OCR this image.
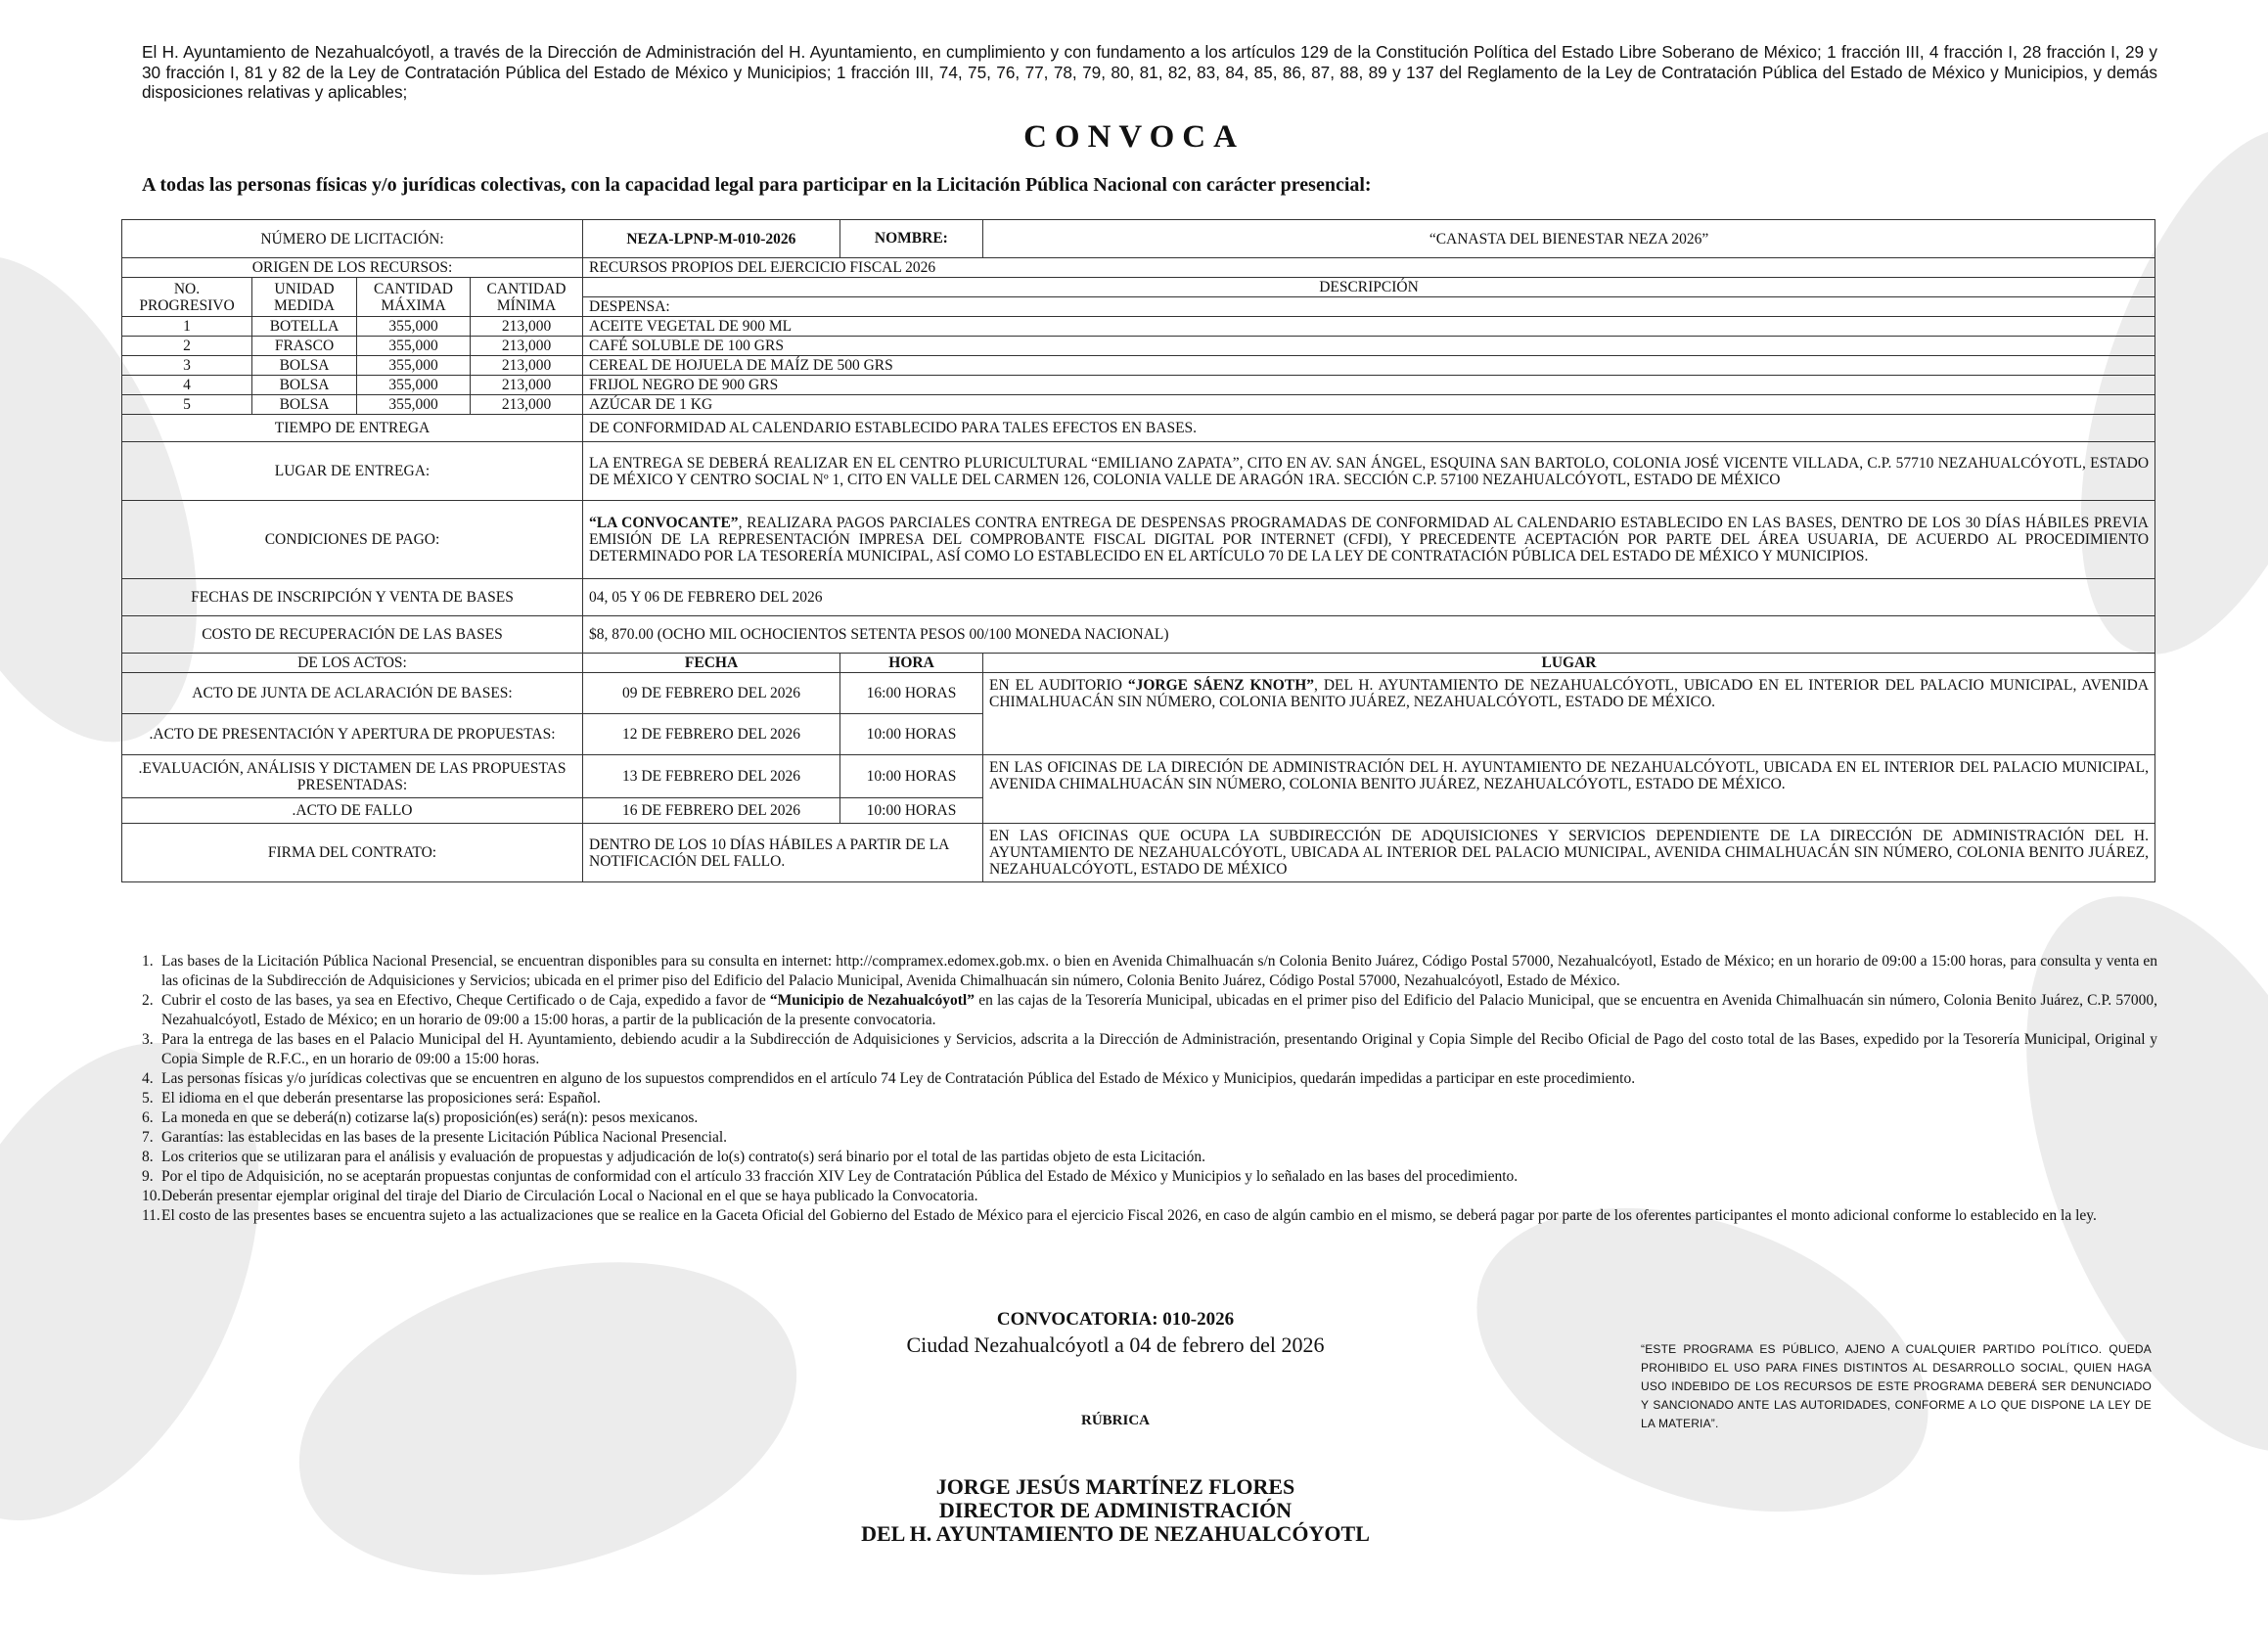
El H. Ayuntamiento de Nezahualcóyotl, a través de la Dirección de Administración del H. Ayuntamiento, en cumplimiento y con fundamento a los artículos 129 de la Constitución Política del Estado Libre Soberano de México; 1 fracción III, 4 fracción I, 28 fracción I, 29 y 30 fracción I, 81 y 82 de la Ley de Contratación Pública del Estado de México y Municipios; 1 fracción III, 74, 75, 76, 77, 78, 79, 80, 81, 82, 83, 84, 85, 86, 87, 88, 89 y 137 del Reglamento de la Ley de Contratación Pública del Estado de México y Municipios, y demás disposiciones relativas y aplicables;
CONVOCA
A todas las personas físicas y/o jurídicas colectivas, con la capacidad legal para participar en la Licitación Pública Nacional con carácter presencial:
NÚMERO DE LICITACIÓN:				NEZA-LPNP-M-010-2026 NOMBRE:		“CANASTA DEL BIENESTAR NEZA 2026”
ORIGEN DE LOS RECURSOS:				RECURSOS PROPIOS DEL EJERCICIO FISCAL 2026		
NO. PROGRESIVO	UNIDAD MEDIDA	CANTIDAD MÁXIMA	CANTIDAD MÍNIMA	DESCRIPCIÓN		
				DESPENSA:		
1	BOTELLA	355,000	213,000	ACEITE VEGETAL DE 900 ML		
2	FRASCO	355,000	213,000	CAFÉ SOLUBLE DE 100 GRS		
3	BOLSA	355,000	213,000	CEREAL DE HOJUELA DE MAÍZ DE 500 GRS		
4	BOLSA	355,000	213,000	FRIJOL NEGRO DE 900 GRS		
5	BOLSA	355,000	213,000	AZÚCAR DE 1 KG		
TIEMPO DE ENTREGA				DE CONFORMIDAD AL CALENDARIO ESTABLECIDO PARA TALES EFECTOS EN BASES.		
LUGAR DE ENTREGA:				LA ENTREGA SE DEBERÁ REALIZAR EN EL CENTRO PLURICULTURAL “EMILIANO ZAPATA”, CITO EN AV. SAN ÁNGEL, ESQUINA SAN BARTOLO, COLONIA JOSÉ VICENTE VILLADA, C.P. 57710 NEZAHUALCÓYOTL, ESTADO DE MÉXICO Y CENTRO SOCIAL Nº 1, CITO EN VALLE DEL CARMEN 126, COLONIA VALLE DE ARAGÓN 1RA. SECCIÓN C.P. 57100 NEZAHUALCÓYOTL, ESTADO DE MÉXICO		
CONDICIONES DE PAGO:				“LA CONVOCANTE”, REALIZARA PAGOS PARCIALES CONTRA ENTREGA DE DESPENSAS PROGRAMADAS DE CONFORMIDAD AL CALENDARIO ESTABLECIDO EN LAS BASES, DENTRO DE LOS 30 DÍAS HÁBILES PREVIA EMISIÓN DE LA REPRESENTACIÓN IMPRESA DEL COMPROBANTE FISCAL DIGITAL POR INTERNET (CFDI), Y PRECEDENTE ACEPTACIÓN POR PARTE DEL ÁREA USUARIA, DE ACUERDO AL PROCEDIMIENTO DETERMINADO POR LA TESORERÍA MUNICIPAL, ASÍ COMO LO ESTABLECIDO EN EL ARTÍCULO 70 DE LA LEY DE CONTRATACIÓN PÚBLICA DEL ESTADO DE MÉXICO Y MUNICIPIOS.		
FECHAS DE INSCRIPCIÓN Y VENTA DE BASES				04, 05 Y 06 DE FEBRERO DEL 2026		
COSTO DE RECUPERACIÓN DE LAS BASES				$8, 870.00 (OCHO MIL OCHOCIENTOS SETENTA PESOS 00/100 MONEDA NACIONAL)		
DE LOS ACTOS:				FECHA	HORA	LUGAR
ACTO DE JUNTA DE ACLARACIÓN DE BASES:				09 DE FEBRERO DEL 2026	16:00 HORAS	EN EL AUDITORIO “JORGE SÁENZ KNOTH”, DEL H. AYUNTAMIENTO DE NEZAHUALCÓYOTL, UBICADO EN EL INTERIOR DEL PALACIO MUNICIPAL, AVENIDA CHIMALHUACÁN SIN NÚMERO, COLONIA BENITO JUÁREZ, NEZAHUALCÓYOTL, ESTADO DE MÉXICO.
.ACTO DE PRESENTACIÓN Y APERTURA DE PROPUESTAS:				12 DE FEBRERO DEL 2026	10:00 HORAS	
.EVALUACIÓN, ANÁLISIS Y DICTAMEN DE LAS PROPUESTAS PRESENTADAS:				13 DE FEBRERO DEL 2026	10:00 HORAS	EN LAS OFICINAS DE LA DIRECIÓN DE ADMINISTRACIÓN DEL H. AYUNTAMIENTO DE NEZAHUALCÓYOTL, UBICADA EN EL INTERIOR DEL PALACIO MUNICIPAL, AVENIDA CHIMALHUACÁN SIN NÚMERO, COLONIA BENITO JUÁREZ, NEZAHUALCÓYOTL, ESTADO DE MÉXICO.
.ACTO DE FALLO				16 DE FEBRERO DEL 2026	10:00 HORAS	
FIRMA DEL CONTRATO:				DENTRO DE LOS 10 DÍAS HÁBILES A PARTIR DE LA NOTIFICACIÓN DEL FALLO.		EN LAS OFICINAS QUE OCUPA LA SUBDIRECCIÓN DE ADQUISICIONES Y SERVICIOS DEPENDIENTE DE LA DIRECCIÓN DE ADMINISTRACIÓN DEL H. AYUNTAMIENTO DE NEZAHUALCÓYOTL, UBICADA AL INTERIOR DEL PALACIO MUNICIPAL, AVENIDA CHIMALHUACÁN SIN NÚMERO, COLONIA BENITO JUÁREZ, NEZAHUALCÓYOTL, ESTADO DE MÉXICO
1. Las bases de la Licitación Pública Nacional Presencial, se encuentran disponibles para su consulta en internet: http://compramex.edomex.gob.mx. o bien en Avenida Chimalhuacán s/n Colonia Benito Juárez, Código Postal 57000, Nezahualcóyotl, Estado de México; en un horario de 09:00 a 15:00 horas, para consulta y venta en las oficinas de la Subdirección de Adquisiciones y Servicios; ubicada en el primer piso del Edificio del Palacio Municipal, Avenida Chimalhuacán sin número, Colonia Benito Juárez, Código Postal 57000, Nezahualcóyotl, Estado de México.
2. Cubrir el costo de las bases, ya sea en Efectivo, Cheque Certificado o de Caja, expedido a favor de “Municipio de Nezahualcóyotl” en las cajas de la Tesorería Municipal, ubicadas en el primer piso del Edificio del Palacio Municipal, que se encuentra en Avenida Chimalhuacán sin número, Colonia Benito Juárez, C.P. 57000, Nezahualcóyotl, Estado de México; en un horario de 09:00 a 15:00 horas, a partir de la publicación de la presente convocatoria.
3. Para la entrega de las bases en el Palacio Municipal del H. Ayuntamiento, debiendo acudir a la Subdirección de Adquisiciones y Servicios, adscrita a la Dirección de Administración, presentando Original y Copia Simple del Recibo Oficial de Pago del costo total de las Bases, expedido por la Tesorería Municipal, Original y Copia Simple de R.F.C., en un horario de 09:00 a 15:00 horas.
4. Las personas físicas y/o jurídicas colectivas que se encuentren en alguno de los supuestos comprendidos en el artículo 74 Ley de Contratación Pública del Estado de México y Municipios, quedarán impedidas a participar en este procedimiento.
5. El idioma en el que deberán presentarse las proposiciones será: Español.
6. La moneda en que se deberá(n) cotizarse la(s) proposición(es) será(n): pesos mexicanos.
7. Garantías: las establecidas en las bases de la presente Licitación Pública Nacional Presencial.
8. Los criterios que se utilizaran para el análisis y evaluación de propuestas y adjudicación de lo(s) contrato(s) será binario por el total de las partidas objeto de esta Licitación.
9. Por el tipo de Adquisición, no se aceptarán propuestas conjuntas de conformidad con el artículo 33 fracción XIV Ley de Contratación Pública del Estado de México y Municipios y lo señalado en las bases del procedimiento.
10. Deberán presentar ejemplar original del tiraje del Diario de Circulación Local o Nacional en el que se haya publicado la Convocatoria.
11. El costo de las presentes bases se encuentra sujeto a las actualizaciones que se realice en la Gaceta Oficial del Gobierno del Estado de México para el ejercicio Fiscal 2026, en caso de algún cambio en el mismo, se deberá pagar por parte de los oferentes participantes el monto adicional conforme lo establecido en la ley.
CONVOCATORIA: 010-2026
Ciudad Nezahualcóyotl a 04 de febrero del 2026
RÚBRICA
JORGE JESÚS MARTÍNEZ FLORES
DIRECTOR DE ADMINISTRACIÓN
DEL H. AYUNTAMIENTO DE NEZAHUALCÓYOTL
“ESTE PROGRAMA ES PÚBLICO, AJENO A CUALQUIER PARTIDO POLÍTICO. QUEDA PROHIBIDO EL USO PARA FINES DISTINTOS AL DESARROLLO SOCIAL, QUIEN HAGA USO INDEBIDO DE LOS RECURSOS DE ESTE PROGRAMA DEBERÁ SER DENUNCIADO Y SANCIONADO ANTE LAS AUTORIDADES, CONFORME A LO QUE DISPONE LA LEY DE LA MATERIA”.
